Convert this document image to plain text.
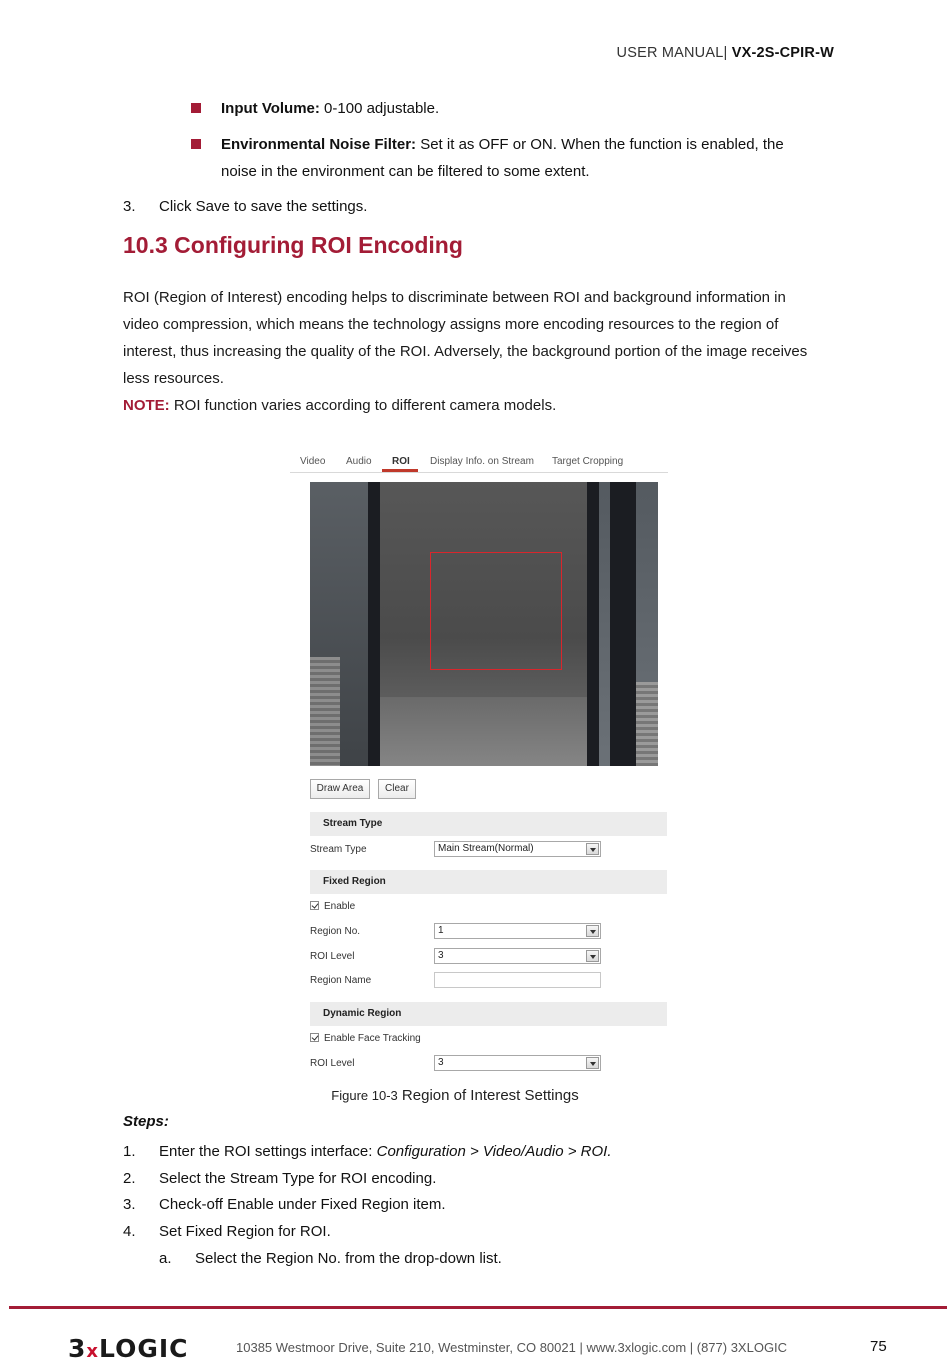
USER MANUAL| VX-2S-CPIR-W
Input Volume: 0-100 adjustable.
Environmental Noise Filter: Set it as OFF or ON. When the function is enabled, the noise in the environment can be filtered to some extent.
3. Click Save to save the settings.
10.3 Configuring ROI Encoding
ROI (Region of Interest) encoding helps to discriminate between ROI and background information in video compression, which means the technology assigns more encoding resources to the region of interest, thus increasing the quality of the ROI. Adversely, the background portion of the image receives less resources.
NOTE: ROI function varies according to different camera models.
Video Audio ROI Display Info. on Stream Target Cropping
Draw Area	Clear
Stream Type
Stream Type	Main Stream(Normal)
Fixed Region
Enable
Region No.	1
ROI Level	3
Region Name
Dynamic Region
Enable Face Tracking
ROI Level	3
Figure 10-3 Region of Interest Settings
Steps:
1. Enter the ROI settings interface: Configuration > Video/Audio > ROI.
2. Select the Stream Type for ROI encoding.
3. Check-off Enable under Fixed Region item.
4. Set Fixed Region for ROI.
a. Select the Region No. from the drop-down list.
3xLOGIC	10385 Westmoor Drive, Suite 210, Westminster, CO 80021 | www.3xlogic.com | (877) 3XLOGIC	75
